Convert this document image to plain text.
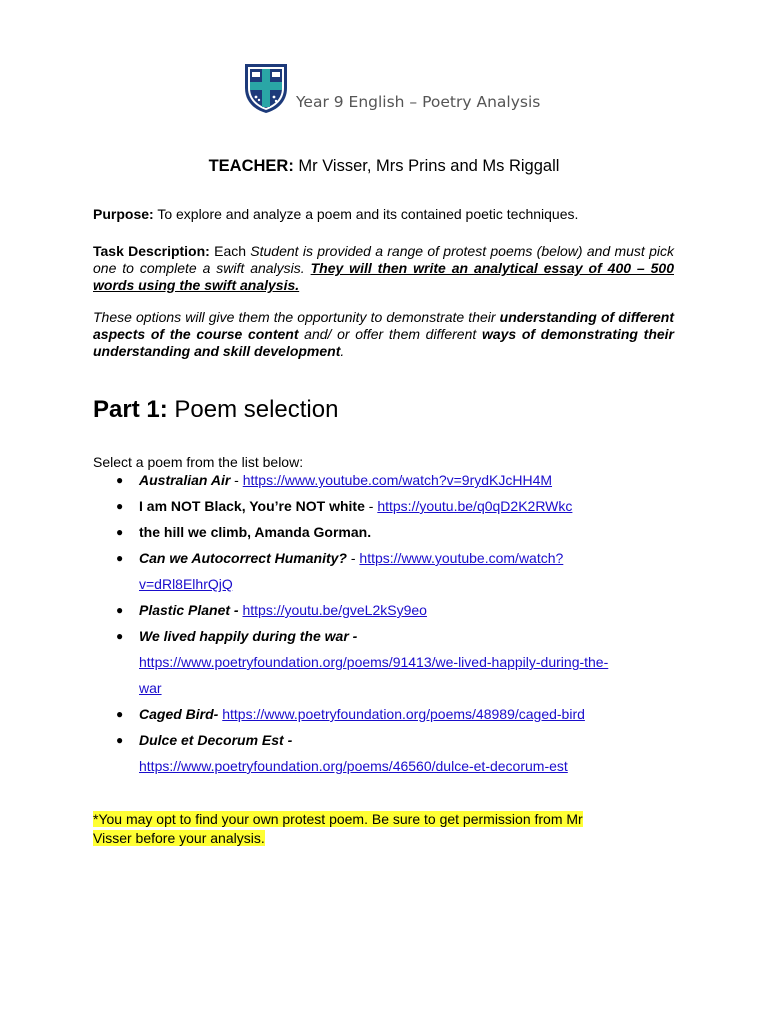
Year 9 English – Poetry Analysis
TEACHER: Mr Visser, Mrs Prins and Ms Riggall
Purpose: To explore and analyze a poem and its contained poetic techniques.
Task Description: Each Student is provided a range of protest poems (below) and must pick one to complete a swift analysis. They will then write an analytical essay of 400 – 500 words using the swift analysis.
These options will give them the opportunity to demonstrate their understanding of different aspects of the course content and/ or offer them different ways of demonstrating their understanding and skill development.
Part 1: Poem selection
Select a poem from the list below:
● Australian Air - https://www.youtube.com/watch?v=9rydKJcHH4M
● I am NOT Black, You’re NOT white - https://youtu.be/q0qD2K2RWkc
● the hill we climb, Amanda Gorman.
● Can we Autocorrect Humanity? - https://www.youtube.com/watch?
v=dRl8ElhrQjQ
● Plastic Planet - https://youtu.be/gveL2kSy9eo
● We lived happily during the war -
https://www.poetryfoundation.org/poems/91413/we-lived-happily-during-the-
war
● Caged Bird- https://www.poetryfoundation.org/poems/48989/caged-bird
● Dulce et Decorum Est -
https://www.poetryfoundation.org/poems/46560/dulce-et-decorum-est
*You may opt to find your own protest poem. Be sure to get permission from Mr
Visser before your analysis.
